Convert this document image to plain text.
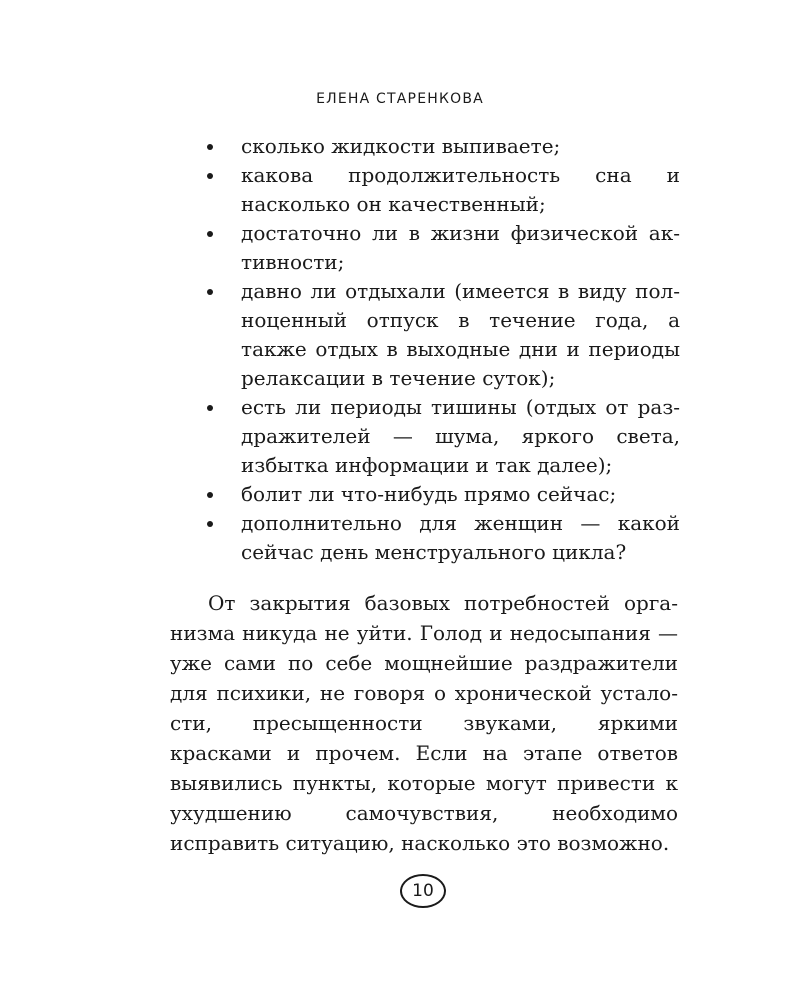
ЕЛЕНА СТАРЕНКОВА
сколько жидкости выпиваете;
какова продолжительность сна и насколько он качественный;
достаточно ли в жизни физической активности;
давно ли отдыхали (имеется в виду полноценный отпуск в течение года, а также отдых в выходные дни и периоды релаксации в течение суток);
есть ли периоды тишины (отдых от раздражителей — шума, яркого света, избытка информации и так далее);
болит ли что-нибудь прямо сейчас;
дополнительно для женщин — какой сейчас день менструального цикла?

От закрытия базовых потребностей организма никуда не уйти. Голод и недосыпания — уже сами по себе мощнейшие раздражители для психики, не говоря о хронической усталости, пресыщенности звуками, яркими красками и прочем. Если на этапе ответов выявились пункты, которые могут привести к ухудшению самочувствия, необходимо исправить ситуацию, насколько это возможно.

10
